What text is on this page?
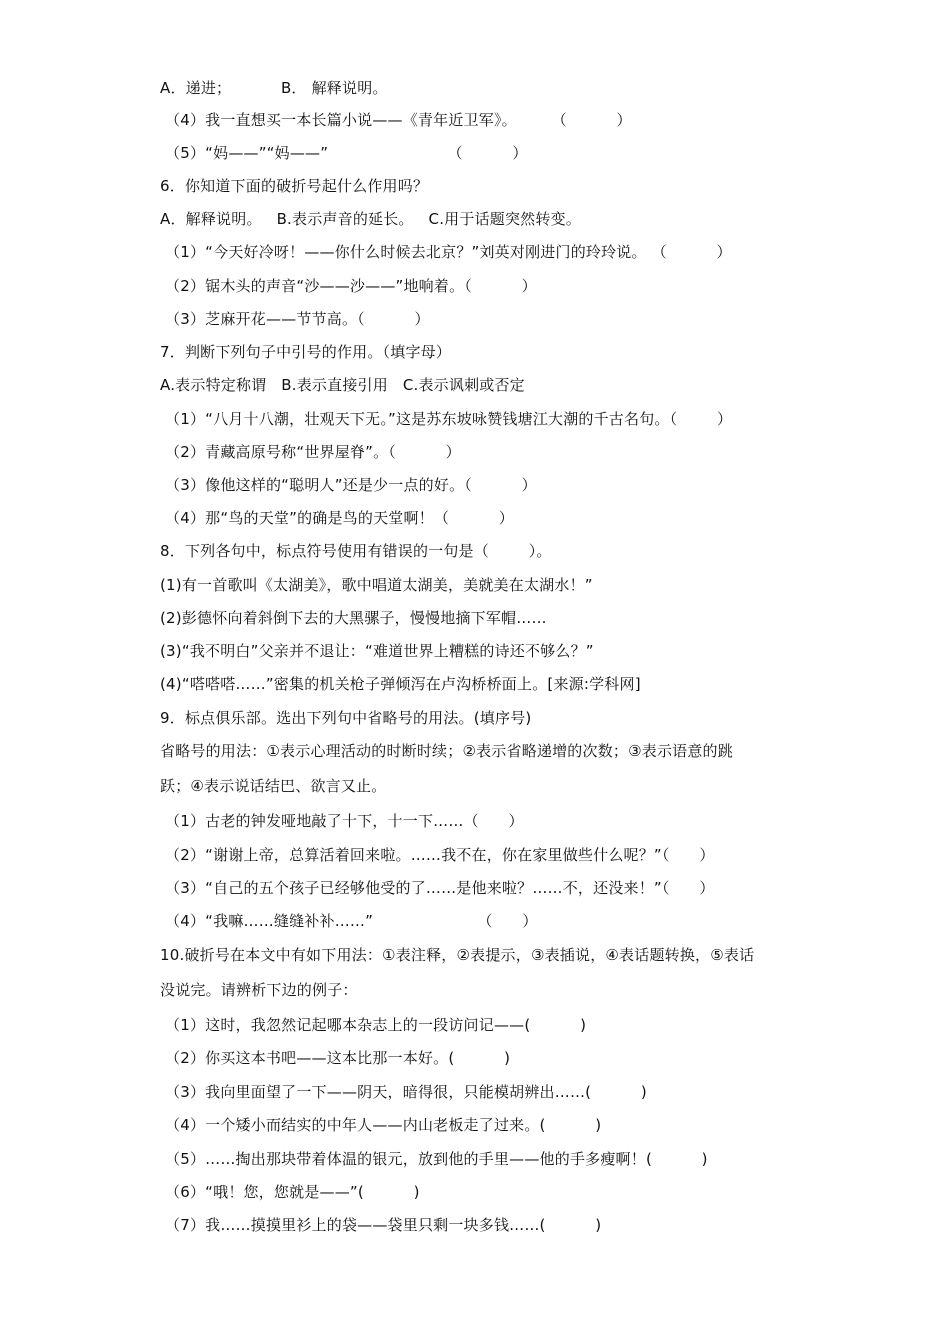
A．递进；          B． 解释说明。
（4）我一直想买一本长篇小说——《青年近卫军》。       （          ）
（5）“妈——”“妈——”                        （          ）
6．你知道下面的破折号起什么作用吗？
A．解释说明。   B.表示声音的延长。   C.用于话题突然转变。
（1）“今天好冷呀！——你什么时候去北京？”刘英对刚进门的玲玲说。 （          ）
（2）锯木头的声音“沙——沙——”地响着。（          ）
（3）芝麻开花——节节高。（          ）
7．判断下列句子中引号的作用。（填字母）
A.表示特定称谓   B.表示直接引用   C.表示讽刺或否定
（1）“八月十八潮，壮观天下无。”这是苏东坡咏赞钱塘江大潮的千古名句。（        ）
（2）青藏高原号称“世界屋脊”。（          ）
（3）像他这样的“聪明人”还是少一点的好。（          ）
（4）那“鸟的天堂”的确是鸟的天堂啊！（          ）
8．下列各句中，标点符号使用有错误的一句是（        ）。
(1)有一首歌叫《太湖美》，歌中唱道太湖美，美就美在太湖水！”
(2)彭德怀向着斜倒下去的大黑骡子，慢慢地摘下军帽……
(3)“我不明白”父亲并不退让：“难道世界上糟糕的诗还不够么？”
(4)“嗒嗒嗒……”密集的机关枪子弹倾泻在卢沟桥桥面上。[来源:学科网]
9．标点俱乐部。选出下列句中省略号的用法。(填序号)
省略号的用法：①表示心理活动的时断时续；②表示省略递增的次数；③表示语意的跳
跃；④表示说话结巴、欲言又止。
（1）古老的钟发哑地敲了十下，十一下……（      ）
（2）“谢谢上帝，总算活着回来啦。……我不在，你在家里做些什么呢？”（      ）
（3）“自己的五个孩子已经够他受的了……是他来啦？……不，还没来！”（      ）
（4）“我嘛……缝缝补补……”                     （      ）
10.破折号在本文中有如下用法：①表注释，②表提示，③表插说，④表话题转换，⑤表话
没说完。请辨析下边的例子：
（1）这时，我忽然记起哪本杂志上的一段访问记——(          )
（2）你买这本书吧——这本比那一本好。(          )
（3）我向里面望了一下——阴天，暗得很，只能模胡辨出……(          )
（4）一个矮小而结实的中年人——内山老板走了过来。(          )
（5）……掏出那块带着体温的银元，放到他的手里——他的手多瘦啊！(          )
（6）“哦！您，您就是——”(          )
（7）我……摸摸里衫上的袋——袋里只剩一块多钱……(          )
